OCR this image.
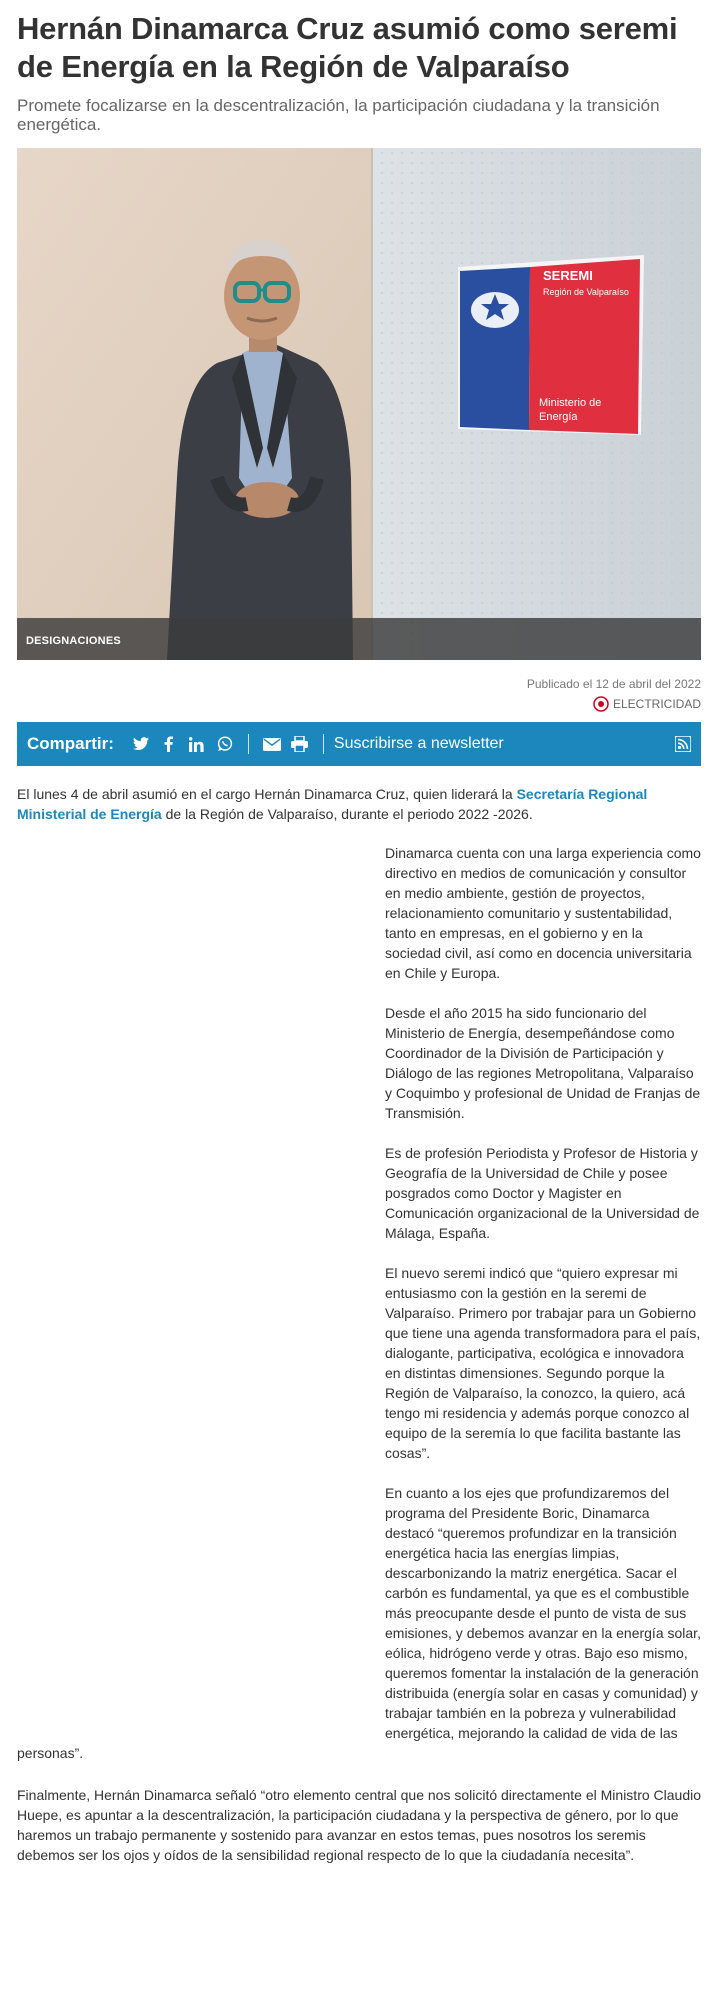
Hernán Dinamarca Cruz asumió como seremi de Energía en la Región de Valparaíso

Promete focalizarse en la descentralización, la participación ciudadana y la transición energética.

SEREMI
Región de Valparaíso
Ministerio de
Energía
DESIGNACIONES
Publicado el 12 de abril del 2022
ELECTRICIDAD
Compartir:	Suscribirse a newsletter

El lunes 4 de abril asumió en el cargo Hernán Dinamarca Cruz, quien liderará la Secretaría Regional Ministerial de Energía de la Región de Valparaíso, durante el periodo 2022 -2026.

Dinamarca cuenta con una larga experiencia como directivo en medios de comunicación y consultor en medio ambiente, gestión de proyectos, relacionamiento comunitario y sustentabilidad, tanto en empresas, en el gobierno y en la sociedad civil, así como en docencia universitaria en Chile y Europa.

Desde el año 2015 ha sido funcionario del Ministerio de Energía, desempeñándose como Coordinador de la División de Participación y Diálogo de las regiones Metropolitana, Valparaíso y Coquimbo y profesional de Unidad de Franjas de Transmisión.

Es de profesión Periodista y Profesor de Historia y Geografía de la Universidad de Chile y posee posgrados como Doctor y Magister en Comunicación organizacional de la Universidad de Málaga, España.

El nuevo seremi indicó que “quiero expresar mi entusiasmo con la gestión en la seremi de Valparaíso. Primero por trabajar para un Gobierno que tiene una agenda transformadora para el país, dialogante, participativa, ecológica e innovadora en distintas dimensiones. Segundo porque la Región de Valparaíso, la conozco, la quiero, acá tengo mi residencia y además porque conozco al equipo de la seremía lo que facilita bastante las cosas”.

En cuanto a los ejes que profundizaremos del programa del Presidente Boric, Dinamarca destacó “queremos profundizar en la transición energética hacia las energías limpias, descarbonizando la matriz energética. Sacar el carbón es fundamental, ya que es el combustible más preocupante desde el punto de vista de sus emisiones, y debemos avanzar en la energía solar, eólica, hidrógeno verde y otras. Bajo eso mismo, queremos fomentar la instalación de la generación distribuida (energía solar en casas y comunidad) y trabajar también en la pobreza y vulnerabilidad energética, mejorando la calidad de vida de las

personas”.

Finalmente, Hernán Dinamarca señaló “otro elemento central que nos solicitó directamente el Ministro Claudio Huepe, es apuntar a la descentralización, la participación ciudadana y la perspectiva de género, por lo que haremos un trabajo permanente y sostenido para avanzar en estos temas, pues nosotros los seremis debemos ser los ojos y oídos de la sensibilidad regional respecto de lo que la ciudadanía necesita”.
